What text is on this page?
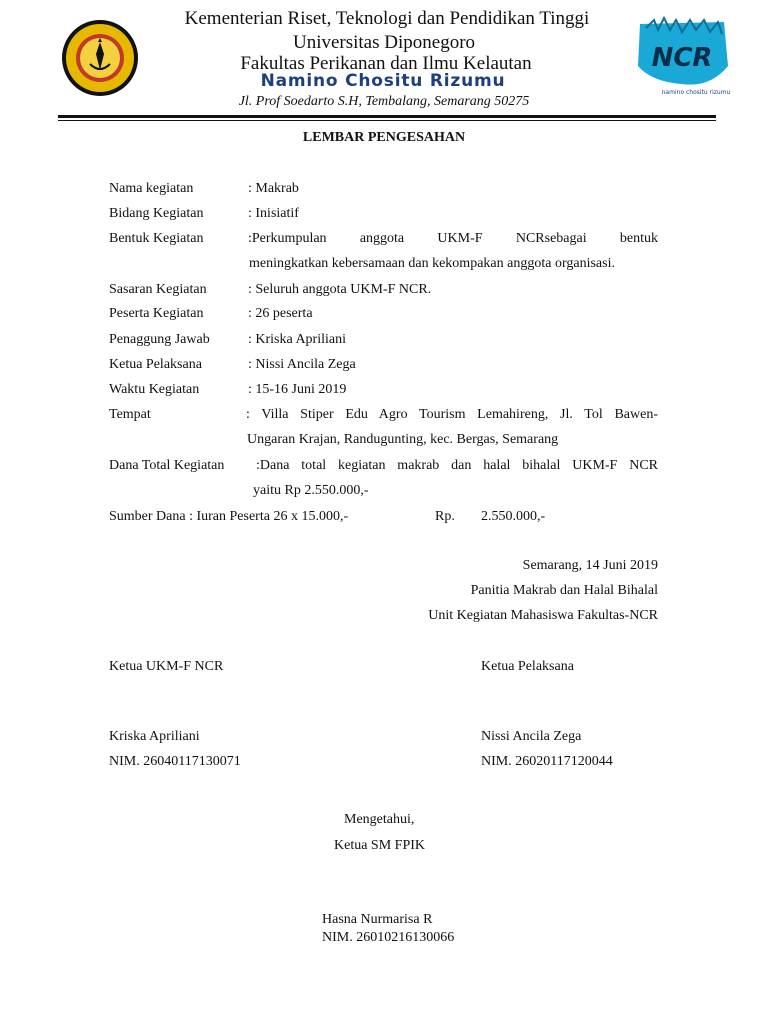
NCR
namino chositu rizumu
Kementerian Riset, Teknologi dan Pendidikan Tinggi
Universitas Diponegoro
Fakultas Perikanan dan Ilmu Kelautan
Namino Chositu Rizumu
Jl. Prof Soedarto S.H, Tembalang, Semarang 50275
LEMBAR PENGESAHAN
Nama kegiatan	: Makrab
Bidang Kegiatan	: Inisiatif
Bentuk Kegiatan	:Perkumpulan anggota UKM-F NCRsebagai bentuk
meningkatkan kebersamaan dan kekompakan anggota organisasi.
Sasaran Kegiatan	: Seluruh anggota UKM-F NCR.
Peserta Kegiatan	: 26 peserta
Penaggung Jawab	: Kriska Apriliani
Ketua Pelaksana	: Nissi Ancila Zega
Waktu Kegiatan	: 15-16 Juni 2019
Tempat	: Villa Stiper Edu Agro Tourism Lemahireng, Jl. Tol Bawen-
Ungaran Krajan, Randugunting, kec. Bergas, Semarang
Dana Total Kegiatan :Dana total kegiatan makrab dan halal bihalal UKM-F NCR
yaitu Rp 2.550.000,-
Sumber Dana : Iuran Peserta 26 x 15.000,-	Rp. 2.550.000,-
Semarang, 14 Juni 2019
Panitia Makrab dan Halal Bihalal
Unit Kegiatan Mahasiswa Fakultas-NCR
Ketua UKM-F NCR	Ketua Pelaksana
Kriska Apriliani	Nissi Ancila Zega
NIM. 26040117130071	NIM. 26020117120044
Mengetahui,
Ketua SM FPIK
Hasna Nurmarisa R
NIM. 26010216130066
